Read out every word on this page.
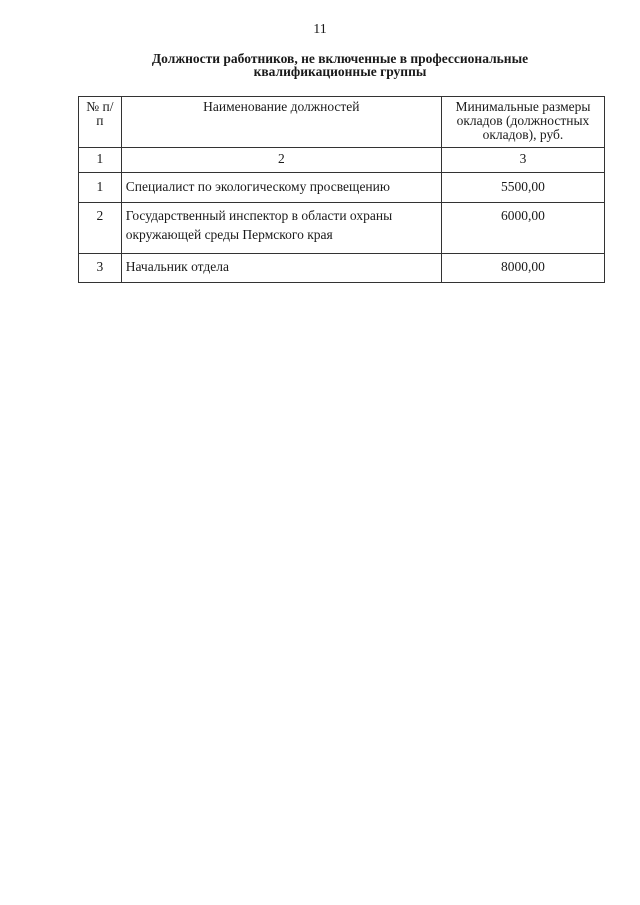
11
Должности работников, не включенные в профессиональные
квалификационные группы
№ п/п	Наименование должностей	Минимальные размеры окладов (должностных окладов), руб.
1	2	3
1	Специалист по экологическому просвещению	5500,00
2	Государственный инспектор в области охраны окружающей среды Пермского края	6000,00
3	Начальник отдела	8000,00
